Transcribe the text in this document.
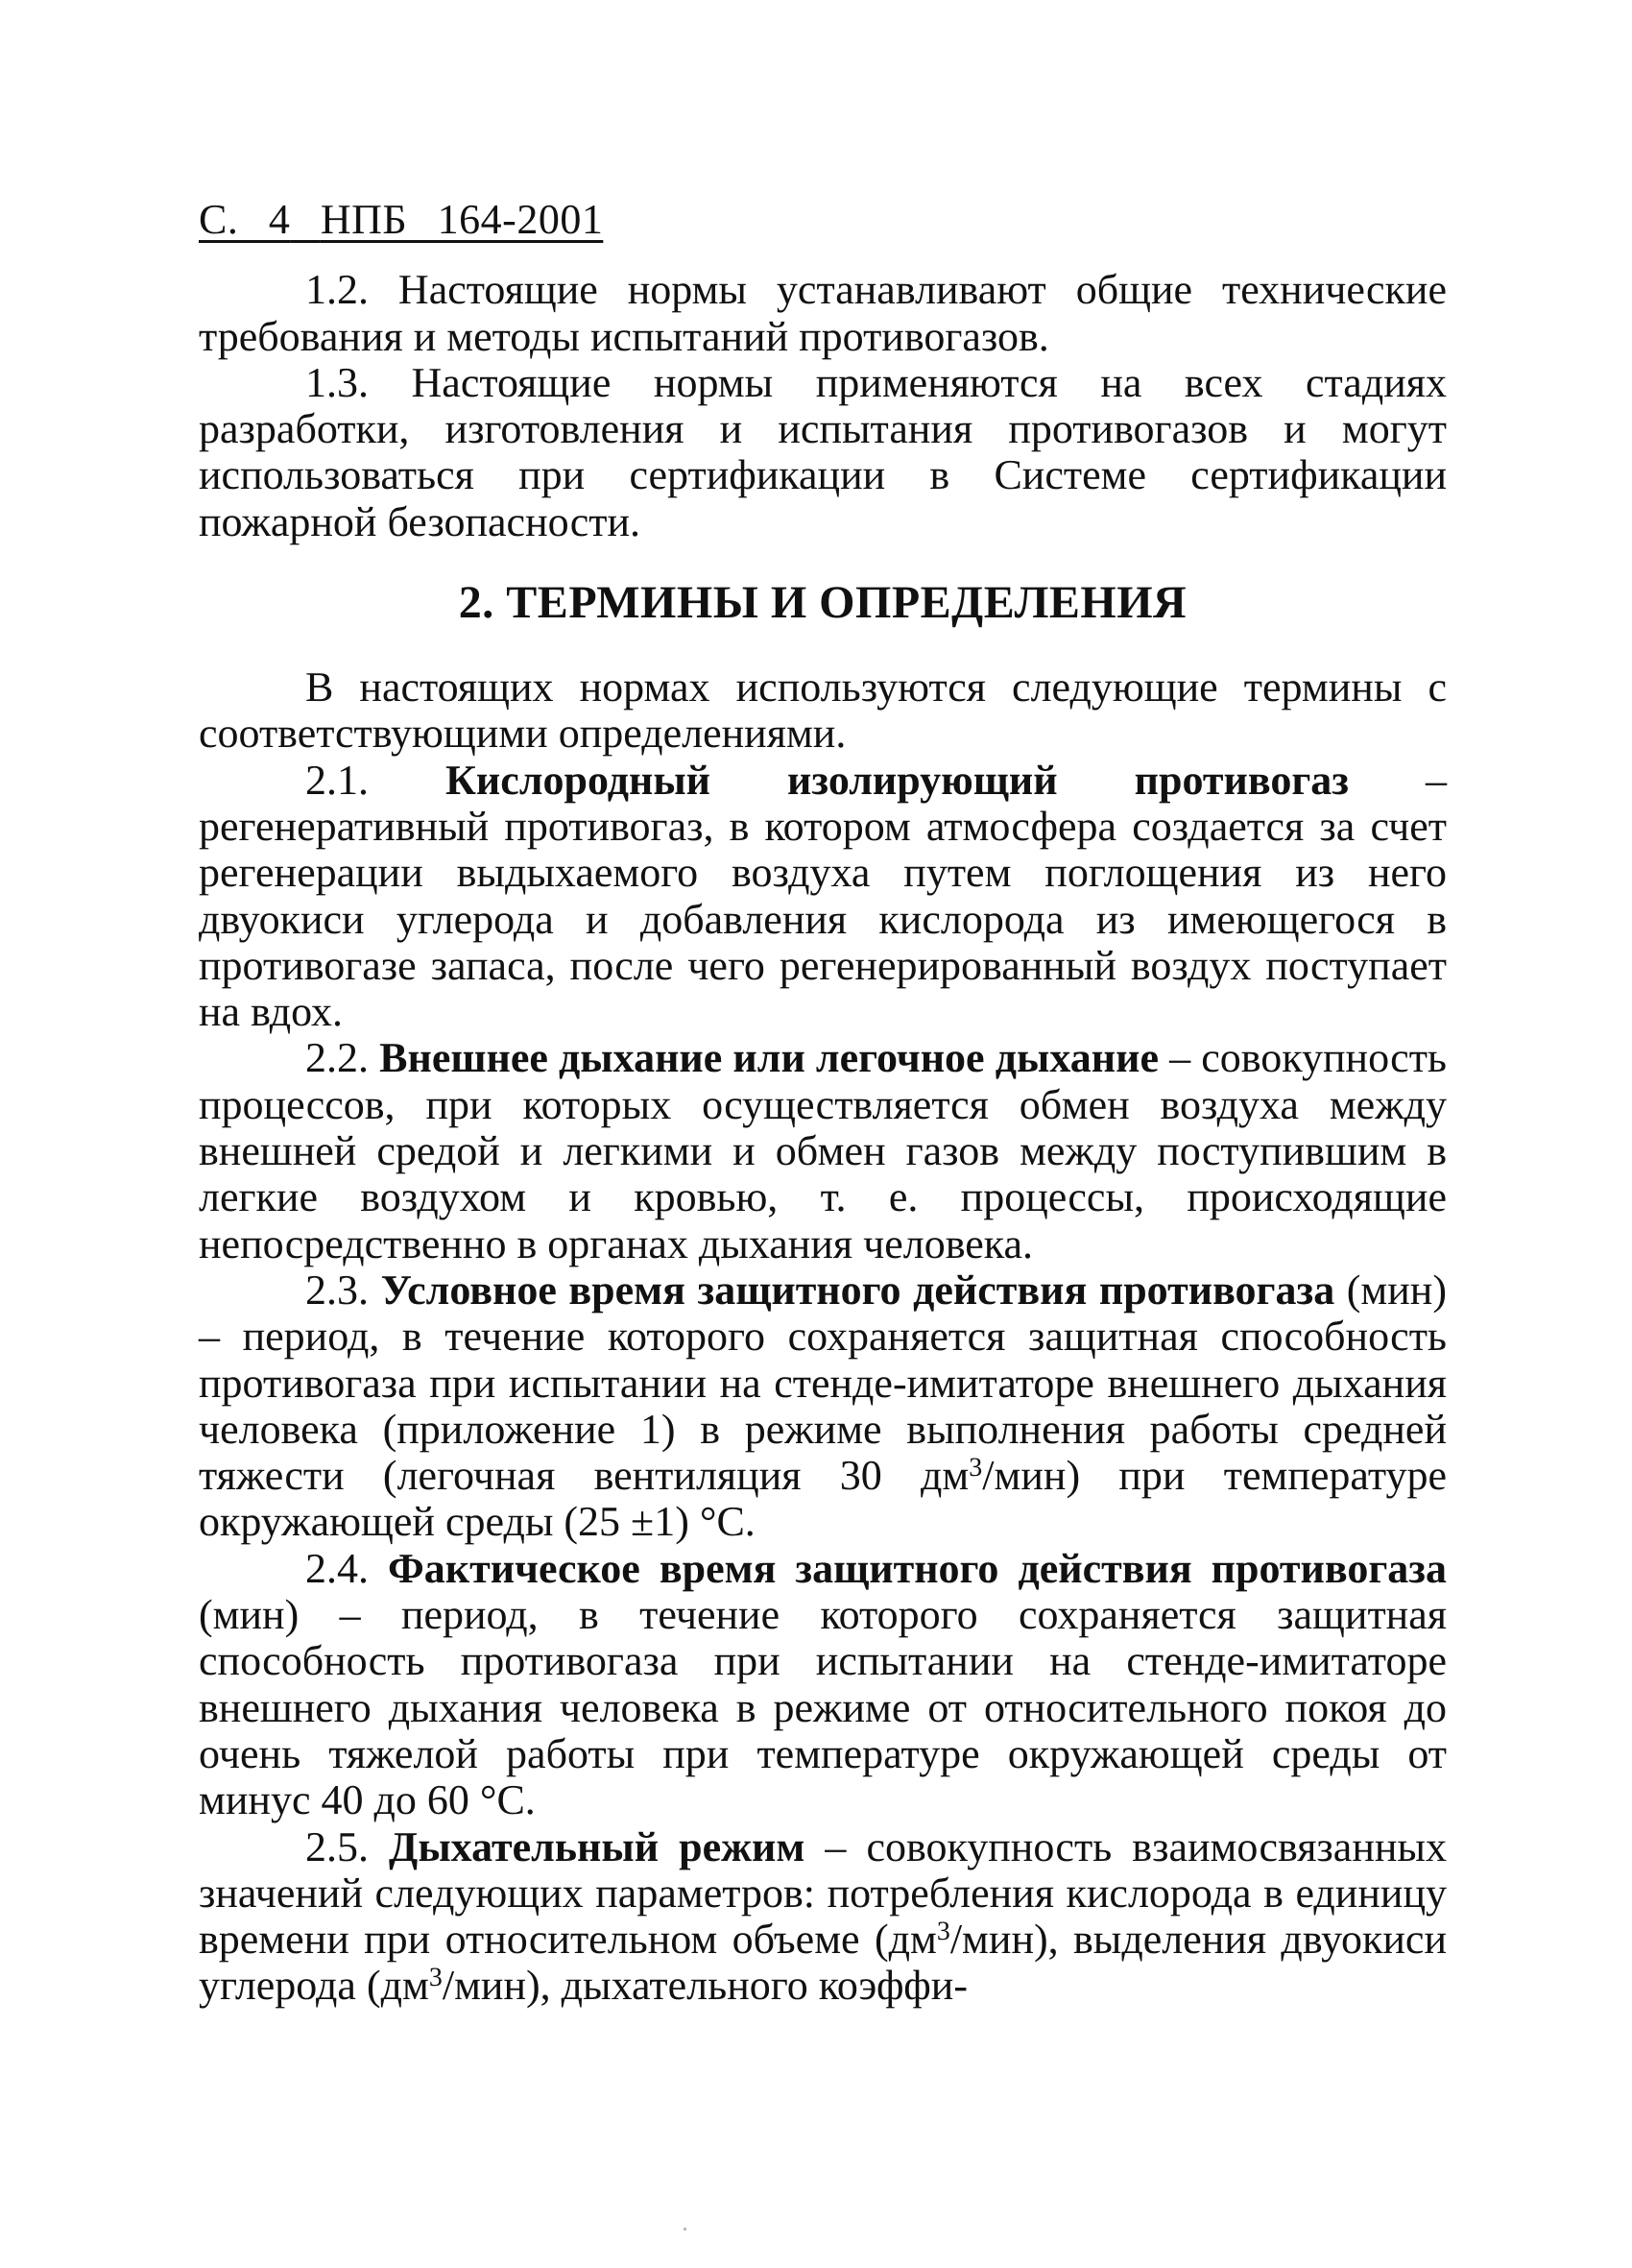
С. 4 НПБ 164-2001

1.2. Настоящие нормы устанавливают общие технические требования и методы испытаний противогазов.

1.3. Настоящие нормы применяются на всех стадиях разработки, изготовления и испытания противогазов и могут использоваться при сертификации в Системе сертификации пожарной безопасности.

2. ТЕРМИНЫ И ОПРЕДЕЛЕНИЯ

В настоящих нормах используются следующие термины с соответствующими определениями.

2.1. Кислородный изолирующий противогаз – регенеративный противогаз, в котором атмосфера создается за счет регенерации выдыхаемого воздуха путем поглощения из него двуокиси углерода и добавления кислорода из имеющегося в противогазе запаса, после чего регенерированный воздух поступает на вдох.

2.2. Внешнее дыхание или легочное дыхание – совокупность процессов, при которых осуществляется обмен воздуха между внешней средой и легкими и обмен газов между поступившим в легкие воздухом и кровью, т. е. процессы, происходящие непосредственно в органах дыхания человека.

2.3. Условное время защитного действия противогаза (мин) – период, в течение которого сохраняется защитная способность противогаза при испытании на стенде-имитаторе внешнего дыхания человека (приложение 1) в режиме выполнения работы средней тяжести (легочная вентиляция 30 $дм^3/мин$) при температуре окружающей среды (25 ±1) °С.

2.4. Фактическое время защитного действия противогаза (мин) – период, в течение которого сохраняется защитная способность противогаза при испытании на стенде-имитаторе внешнего дыхания человека в режиме от относительного покоя до очень тяжелой работы при температуре окружающей среды от минус 40 до 60 °С.

2.5. Дыхательный режим – совокупность взаимосвязанных значений следующих параметров: потребления кислорода в единицу времени при относительном объеме $(дм^3/мин)$, выделения двуокиси углерода $(дм^3/мин)$, дыхательного коэффи-
